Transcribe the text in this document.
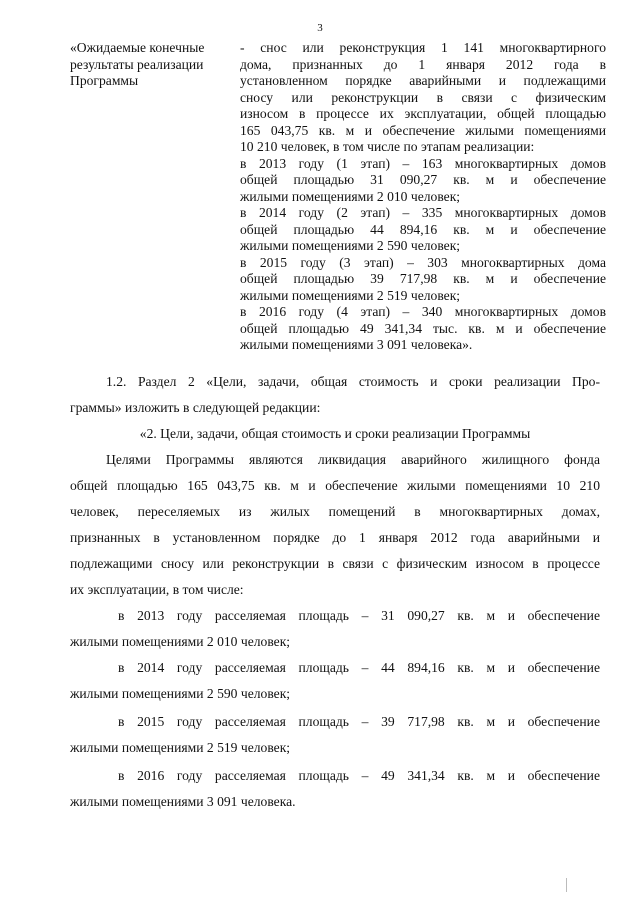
3
«Ожидаемые конечные результаты реализации Программы

- снос или реконструкция 1 141 многоквартирного

дома, признанных до 1 января 2012 года в

установленном порядке аварийными и подлежащими

сносу или реконструкции в связи с физическим

износом в процессе их эксплуатации, общей площадью

165 043,75 кв. м и обеспечение жилыми помещениями

10 210 человек, в том числе по этапам реализации:

в 2013 году (1 этап) – 163 многоквартирных домов

общей площадью 31 090,27 кв. м и обеспечение

жилыми помещениями 2 010 человек;

в 2014 году (2 этап) – 335 многоквартирных домов

общей площадью 44 894,16 кв. м и обеспечение

жилыми помещениями 2 590 человек;

в 2015 году (3 этап) – 303 многоквартирных дома

общей площадью 39 717,98 кв. м и обеспечение

жилыми помещениями 2 519 человек;

в 2016 году (4 этап) – 340 многоквартирных домов

общей площадью 49 341,34 тыс. кв. м и обеспечение

жилыми помещениями 3 091 человека».

1.2. Раздел 2 «Цели, задачи, общая стоимость и сроки реализации Про-

граммы» изложить в следующей редакции:

«2. Цели, задачи, общая стоимость и сроки реализации Программы

Целями Программы являются ликвидация аварийного жилищного фонда

общей площадью 165 043,75 кв. м и обеспечение жилыми помещениями 10 210

человек, переселяемых из жилых помещений в многоквартирных домах,

признанных в установленном порядке до 1 января 2012 года аварийными и

подлежащими сносу или реконструкции в связи с физическим износом в процессе

их эксплуатации, в том числе:

в 2013 году расселяемая площадь – 31 090,27 кв. м и обеспечение

жилыми помещениями 2 010 человек;

в 2014 году расселяемая площадь – 44 894,16 кв. м и обеспечение

жилыми помещениями 2 590 человек;

в 2015 году расселяемая площадь – 39 717,98 кв. м и обеспечение

жилыми помещениями 2 519 человек;

в 2016 году расселяемая площадь – 49 341,34 кв. м и обеспечение

жилыми помещениями 3 091 человека.
